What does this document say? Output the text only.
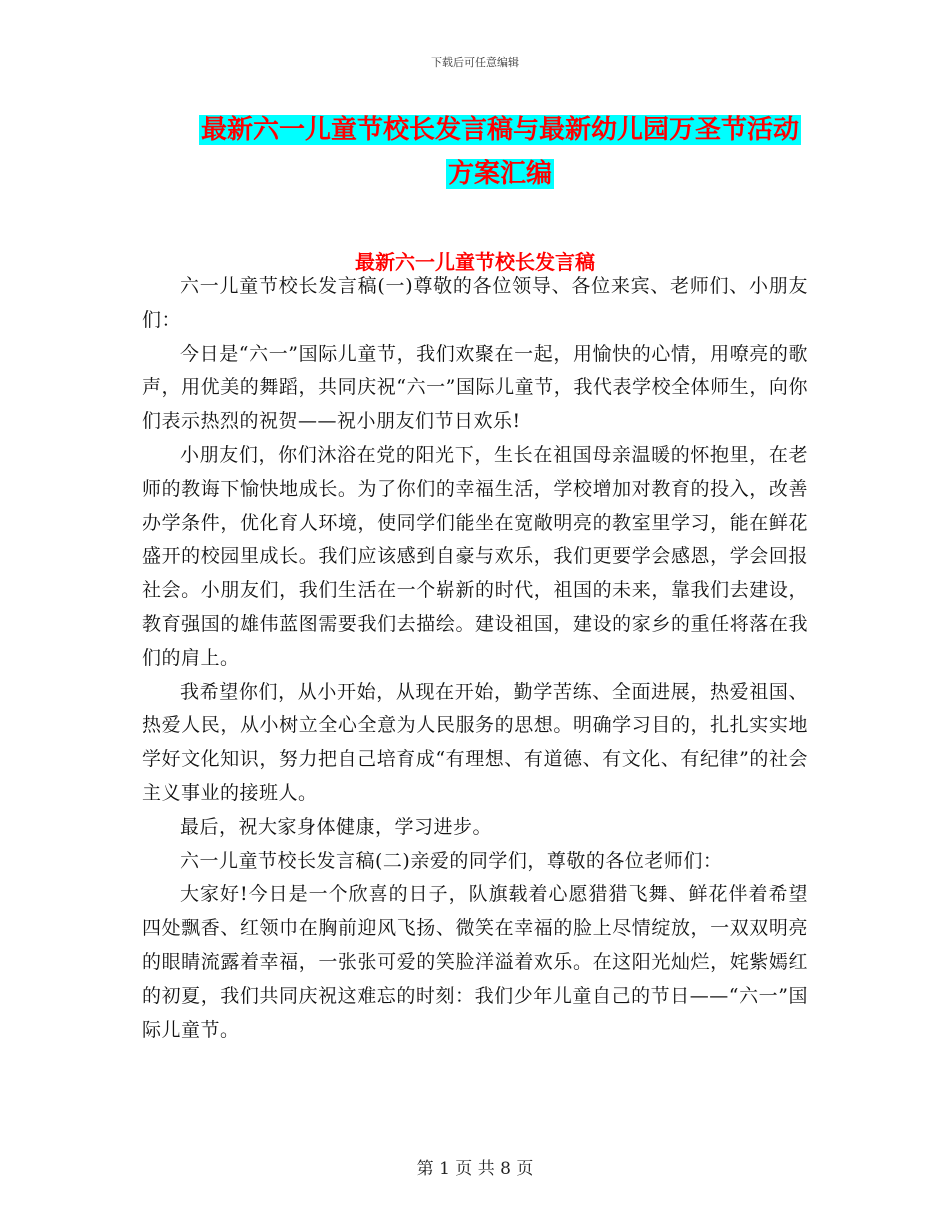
下载后可任意编辑
最新六一儿童节校长发言稿与最新幼儿园万圣节活动
方案汇编
最新六一儿童节校长发言稿

六一儿童节校长发言稿(一)尊敬的各位领导、各位来宾、老师们、小朋友们：

今日是“六一”国际儿童节，我们欢聚在一起，用愉快的心情，用嘹亮的歌声，用优美的舞蹈，共同庆祝“六一”国际儿童节，我代表学校全体师生，向你们表示热烈的祝贺——祝小朋友们节日欢乐!

小朋友们，你们沐浴在党的阳光下，生长在祖国母亲温暖的怀抱里，在老师的教诲下愉快地成长。为了你们的幸福生活，学校增加对教育的投入，改善办学条件，优化育人环境，使同学们能坐在宽敞明亮的教室里学习，能在鲜花盛开的校园里成长。我们应该感到自豪与欢乐，我们更要学会感恩，学会回报社会。小朋友们，我们生活在一个崭新的时代，祖国的未来，靠我们去建设，教育强国的雄伟蓝图需要我们去描绘。建设祖国，建设的家乡的重任将落在我们的肩上。

我希望你们，从小开始，从现在开始，勤学苦练、全面进展，热爱祖国、热爱人民，从小树立全心全意为人民服务的思想。明确学习目的，扎扎实实地学好文化知识，努力把自己培育成“有理想、有道德、有文化、有纪律”的社会主义事业的接班人。

最后，祝大家身体健康，学习进步。

六一儿童节校长发言稿(二)亲爱的同学们，尊敬的各位老师们：

大家好!今日是一个欣喜的日子，队旗载着心愿猎猎飞舞、鲜花伴着希望四处飘香、红领巾在胸前迎风飞扬、微笑在幸福的脸上尽情绽放，一双双明亮的眼睛流露着幸福，一张张可爱的笑脸洋溢着欢乐。在这阳光灿烂，姹紫嫣红的初夏，我们共同庆祝这难忘的时刻：我们少年儿童自己的节日——“六一”国际儿童节。

第 1 页 共 8 页
